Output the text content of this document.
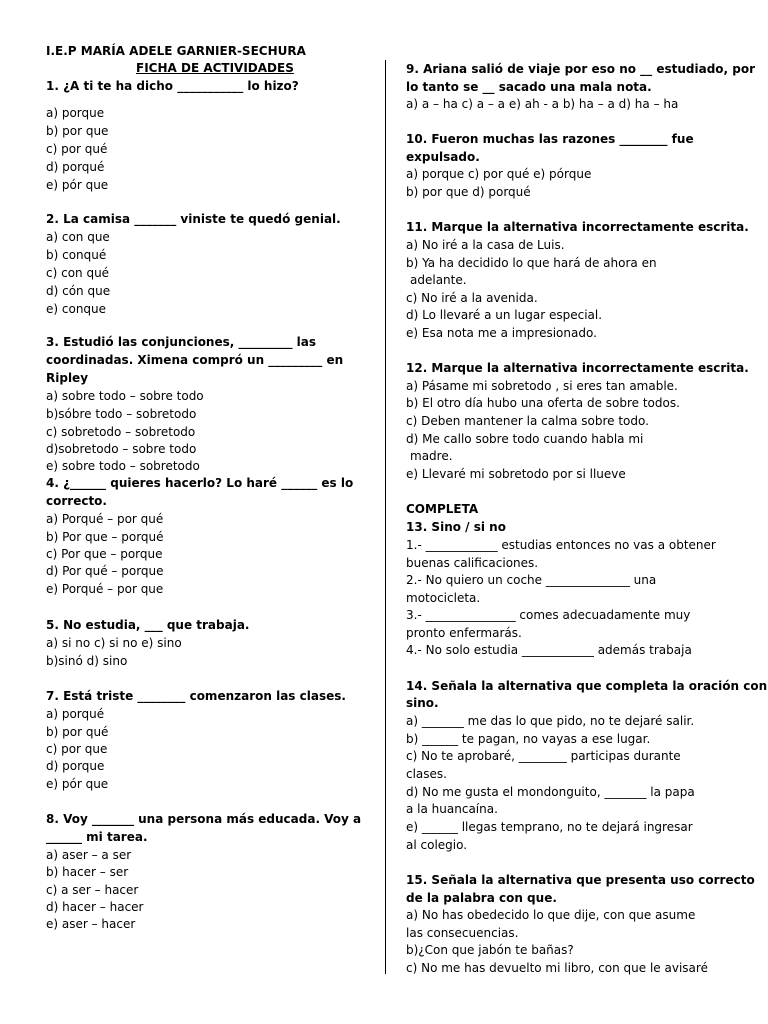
I.E.P MARÍA ADELE GARNIER-SECHURA
FICHA DE ACTIVIDADES
1. ¿A ti te ha dicho ___________ lo hizo?
a) porque
b) por que
c) por qué
d) porqué
e) pór que
2. La camisa _______ viniste te quedó genial.
a) con que
b) conqué
c) con qué
d) cón que
e) conque
3. Estudió las conjunciones, _________ las
coordinadas. Ximena compró un _________ en
Ripley
a) sobre todo – sobre todo
b)sóbre todo – sobretodo
c) sobretodo – sobretodo
d)sobretodo – sobre todo
e) sobre todo – sobretodo
4. ¿______ quieres hacerlo? Lo haré ______ es lo
correcto.
a) Porqué – por qué
b) Por que – porqué
c) Por que – porque
d) Por qué – porque
e) Porqué – por que
5. No estudia, ___ que trabaja.
a) si no c) si no e) sino
b)sinó d) sino
7. Está triste ________ comenzaron las clases.
a) porqué
b) por qué
c) por que
d) porque
e) pór que
8. Voy _______ una persona más educada. Voy a
______ mi tarea.
a) aser – a ser
b) hacer – ser
c) a ser – hacer
d) hacer – hacer
e) aser – hacer
9. Ariana salió de viaje por eso no __ estudiado, por
lo tanto se __ sacado una mala nota.
a) a – ha c) a – a e) ah - a b) ha – a d) ha – ha
10. Fueron muchas las razones ________ fue
expulsado.
a) porque c) por qué e) pórque
b) por que d) porqué
11. Marque la alternativa incorrectamente escrita.
a) No iré a la casa de Luis.
b) Ya ha decidido lo que hará de ahora en
adelante.
c) No iré a la avenida.
d) Lo llevaré a un lugar especial.
e) Esa nota me a impresionado.
12. Marque la alternativa incorrectamente escrita.
a) Pásame mi sobretodo , si eres tan amable.
b) El otro día hubo una oferta de sobre todos.
c) Deben mantener la calma sobre todo.
d) Me callo sobre todo cuando habla mi
madre.
e) Llevaré mi sobretodo por si llueve
COMPLETA
13. Sino / si no
1.- ____________ estudias entonces no vas a obtener
buenas calificaciones.
2.- No quiero un coche ______________ una
motocicleta.
3.- _______________ comes adecuadamente muy
pronto enfermarás.
4.- No solo estudia ____________ además trabaja
14. Señala la alternativa que completa la oración con
sino.
a) _______ me das lo que pido, no te dejaré salir.
b) ______ te pagan, no vayas a ese lugar.
c) No te aprobaré, ________ participas durante
clases.
d) No me gusta el mondonguito, _______ la papa
a la huancaína.
e) ______ llegas temprano, no te dejará ingresar
al colegio.
15. Señala la alternativa que presenta uso correcto
de la palabra con que.
a) No has obedecido lo que dije, con que asume
las consecuencias.
b)¿Con que jabón te bañas?
c) No me has devuelto mi libro, con que le avisaré
